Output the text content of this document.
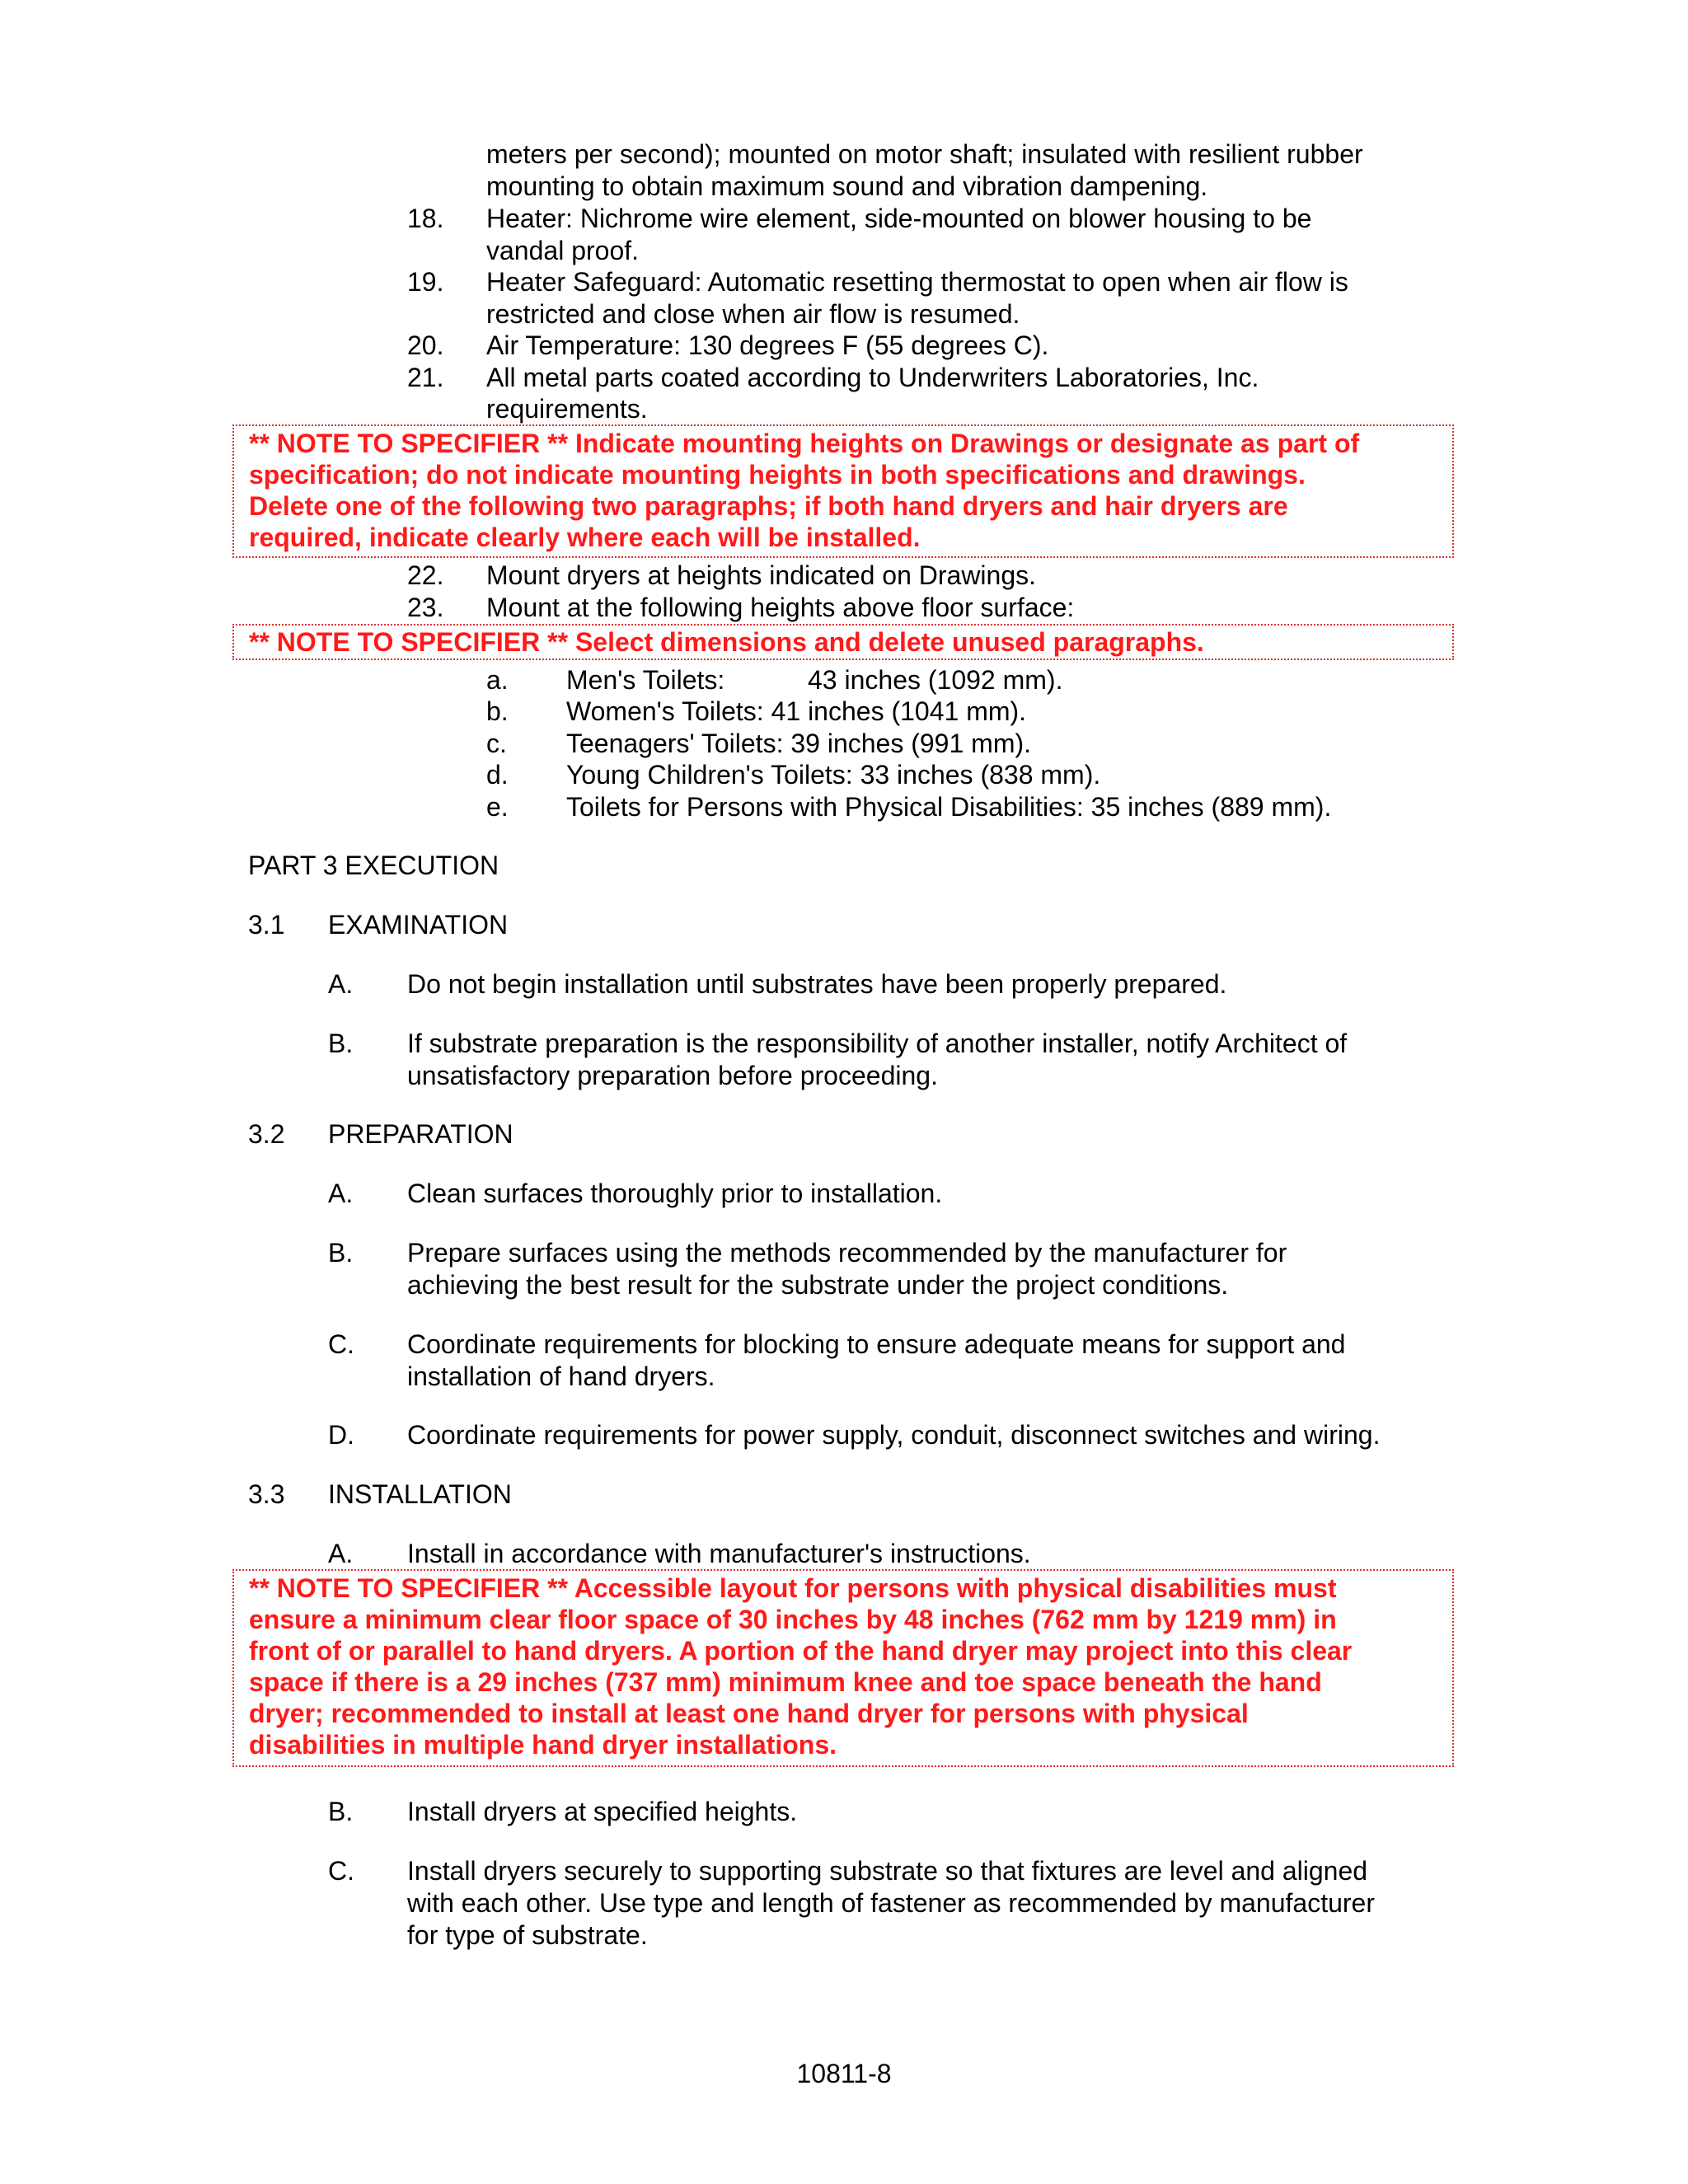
meters per second); mounted on motor shaft; insulated with resilient rubber
mounting to obtain maximum sound and vibration dampening.
18. Heater: Nichrome wire element, side-mounted on blower housing to be
vandal proof.
19. Heater Safeguard: Automatic resetting thermostat to open when air flow is
restricted and close when air flow is resumed.
20. Air Temperature: 130 degrees F (55 degrees C).
21. All metal parts coated according to Underwriters Laboratories, Inc.
requirements.
** NOTE TO SPECIFIER ** Indicate mounting heights on Drawings or designate as part of
specification; do not indicate mounting heights in both specifications and drawings.
Delete one of the following two paragraphs; if both hand dryers and hair dryers are
required, indicate clearly where each will be installed.
22. Mount dryers at heights indicated on Drawings.
23. Mount at the following heights above floor surface:
** NOTE TO SPECIFIER ** Select dimensions and delete unused paragraphs.
a. Men's Toilets:	43 inches (1092 mm).
b. Women's Toilets: 41 inches (1041 mm).
c. Teenagers' Toilets: 39 inches (991 mm).
d. Young Children's Toilets: 33 inches (838 mm).
e. Toilets for Persons with Physical Disabilities: 35 inches (889 mm).
PART 3 EXECUTION
3.1 EXAMINATION
A. Do not begin installation until substrates have been properly prepared.
B. If substrate preparation is the responsibility of another installer, notify Architect of
unsatisfactory preparation before proceeding.
3.2 PREPARATION
A. Clean surfaces thoroughly prior to installation.
B. Prepare surfaces using the methods recommended by the manufacturer for
achieving the best result for the substrate under the project conditions.
C. Coordinate requirements for blocking to ensure adequate means for support and
installation of hand dryers.
D. Coordinate requirements for power supply, conduit, disconnect switches and wiring.
3.3 INSTALLATION
A. Install in accordance with manufacturer's instructions.
** NOTE TO SPECIFIER ** Accessible layout for persons with physical disabilities must
ensure a minimum clear floor space of 30 inches by 48 inches (762 mm by 1219 mm) in
front of or parallel to hand dryers. A portion of the hand dryer may project into this clear
space if there is a 29 inches (737 mm) minimum knee and toe space beneath the hand
dryer; recommended to install at least one hand dryer for persons with physical
disabilities in multiple hand dryer installations.
B. Install dryers at specified heights.
C. Install dryers securely to supporting substrate so that fixtures are level and aligned
with each other. Use type and length of fastener as recommended by manufacturer
for type of substrate.
10811-8
